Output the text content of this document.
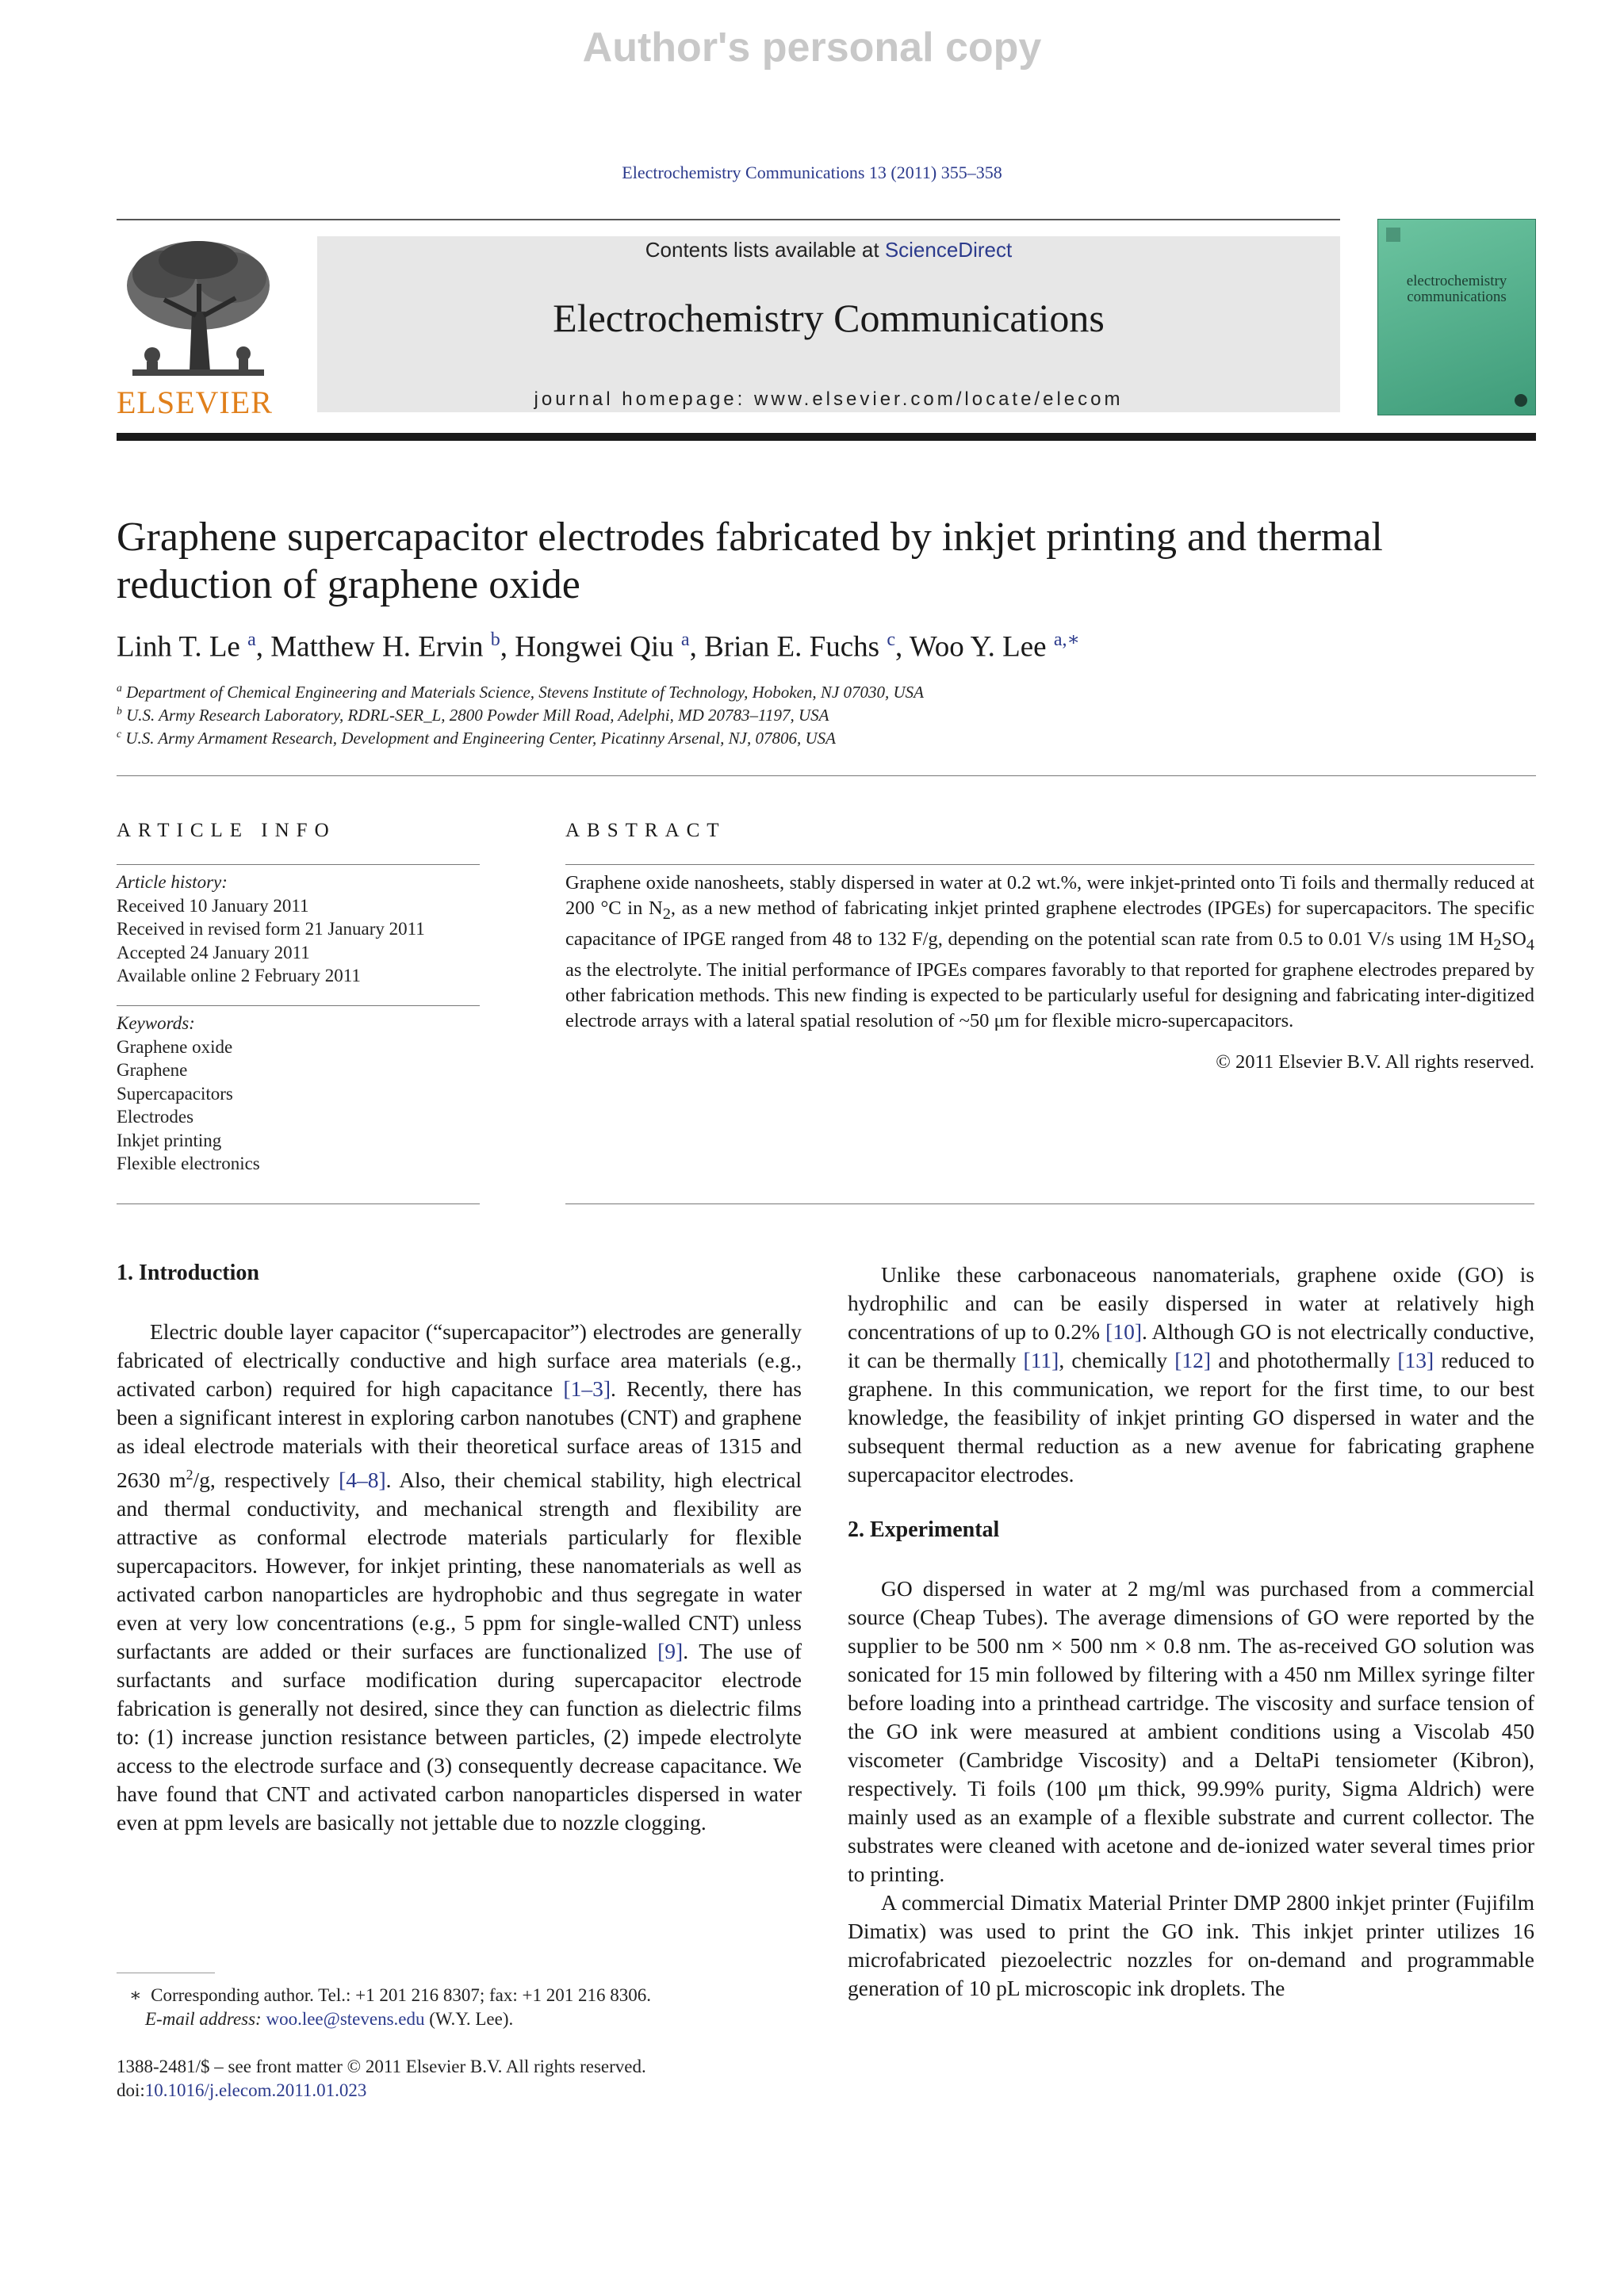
Author's personal copy
Electrochemistry Communications 13 (2011) 355–358
ELSEVIER
Contents lists available at ScienceDirect
Electrochemistry Communications
journal homepage: www.elsevier.com/locate/elecom
electrochemistry communications
Graphene supercapacitor electrodes fabricated by inkjet printing and thermal reduction of graphene oxide
Linh T. Le $^a$, Matthew H. Ervin $^b$, Hongwei Qiu $^a$, Brian E. Fuchs $^c$, Woo Y. Lee $^{a,∗}$
$^a$ Department of Chemical Engineering and Materials Science, Stevens Institute of Technology, Hoboken, NJ 07030, USA
$^b$ U.S. Army Research Laboratory, RDRL-SER_L, 2800 Powder Mill Road, Adelphi, MD 20783–1197, USA
$^c$ U.S. Army Armament Research, Development and Engineering Center, Picatinny Arsenal, NJ, 07806, USA
ARTICLE INFO
Article history:
Received 10 January 2011
Received in revised form 21 January 2011
Accepted 24 January 2011
Available online 2 February 2011
Keywords:
Graphene oxide
Graphene
Supercapacitors
Electrodes
Inkjet printing
Flexible electronics
ABSTRACT
Graphene oxide nanosheets, stably dispersed in water at 0.2 wt.%, were inkjet-printed onto Ti foils and thermally reduced at 200 °C in $N_2$, as a new method of fabricating inkjet printed graphene electrodes (IPGEs) for supercapacitors. The specific capacitance of IPGE ranged from 48 to 132 F/g, depending on the potential scan rate from 0.5 to 0.01 V/s using 1M $H_2SO_4$ as the electrolyte. The initial performance of IPGEs compares favorably to that reported for graphene electrodes prepared by other fabrication methods. This new finding is expected to be particularly useful for designing and fabricating inter-digitized electrode arrays with a lateral spatial resolution of ~50 μm for flexible micro-supercapacitors.
© 2011 Elsevier B.V. All rights reserved.
1. Introduction

Electric double layer capacitor (“supercapacitor”) electrodes are generally fabricated of electrically conductive and high surface area materials (e.g., activated carbon) required for high capacitance [1–3]. Recently, there has been a significant interest in exploring carbon nanotubes (CNT) and graphene as ideal electrode materials with their theoretical surface areas of 1315 and 2630 $m^2/g$, respectively [4–8]. Also, their chemical stability, high electrical and thermal conductivity, and mechanical strength and flexibility are attractive as conformal electrode materials particularly for flexible supercapacitors. However, for inkjet printing, these nanomaterials as well as activated carbon nanoparticles are hydrophobic and thus segregate in water even at very low concentrations (e.g., 5 ppm for single-walled CNT) unless surfactants are added or their surfaces are functionalized [9]. The use of surfactants and surface modification during supercapacitor electrode fabrication is generally not desired, since they can function as dielectric films to: (1) increase junction resistance between particles, (2) impede electrolyte access to the electrode surface and (3) consequently decrease capacitance. We have found that CNT and activated carbon nanoparticles dispersed in water even at ppm levels are basically not jettable due to nozzle clogging.

∗ Corresponding author. Tel.: +1 201 216 8307; fax: +1 201 216 8306.
E-mail address: woo.lee@stevens.edu (W.Y. Lee).
1388-2481/$ – see front matter © 2011 Elsevier B.V. All rights reserved.
doi:10.1016/j.elecom.2011.01.023

Unlike these carbonaceous nanomaterials, graphene oxide (GO) is hydrophilic and can be easily dispersed in water at relatively high concentrations of up to 0.2% [10]. Although GO is not electrically conductive, it can be thermally [11], chemically [12] and photothermally [13] reduced to graphene. In this communication, we report for the first time, to our best knowledge, the feasibility of inkjet printing GO dispersed in water and the subsequent thermal reduction as a new avenue for fabricating graphene supercapacitor electrodes.

2. Experimental

GO dispersed in water at 2 mg/ml was purchased from a commercial source (Cheap Tubes). The average dimensions of GO were reported by the supplier to be 500 nm × 500 nm × 0.8 nm. The as-received GO solution was sonicated for 15 min followed by filtering with a 450 nm Millex syringe filter before loading into a printhead cartridge. The viscosity and surface tension of the GO ink were measured at ambient conditions using a Viscolab 450 viscometer (Cambridge Viscosity) and a DeltaPi tensiometer (Kibron), respectively. Ti foils (100 μm thick, 99.99% purity, Sigma Aldrich) were mainly used as an example of a flexible substrate and current collector. The substrates were cleaned with acetone and de-ionized water several times prior to printing.

A commercial Dimatix Material Printer DMP 2800 inkjet printer (Fujifilm Dimatix) was used to print the GO ink. This inkjet printer utilizes 16 microfabricated piezoelectric nozzles for on-demand and programmable generation of 10 pL microscopic ink droplets. The
